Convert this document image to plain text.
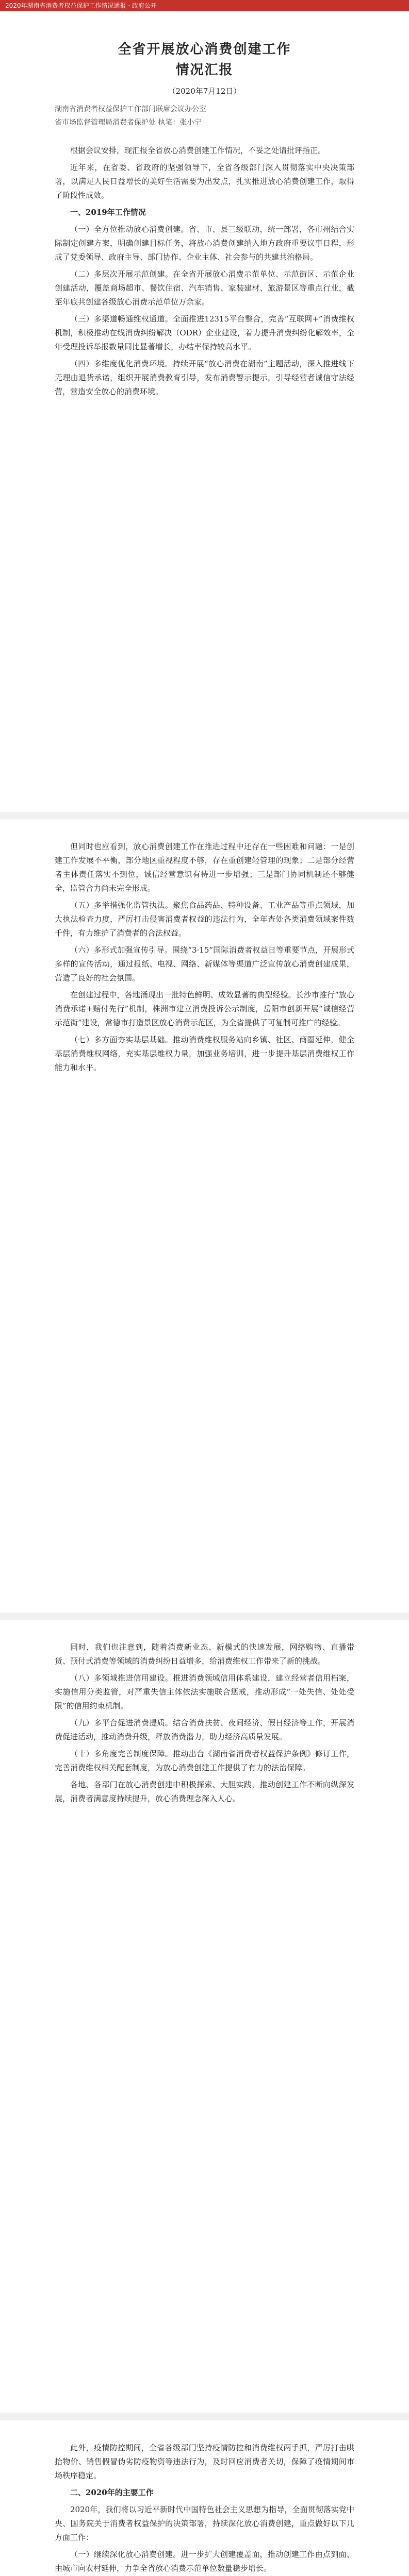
2020年湖南省消费者权益保护工作情况通报 · 政府公开
全省开展放心消费创建工作
情况汇报
（2020年7月12日）
湖南省消费者权益保护工作部门联席会议办公室
省市场监督管理局消费者保护处 执笔：张小宁

根据会议安排，现汇报全省放心消费创建工作情况，不妥之处请批评指正。

近年来，在省委、省政府的坚强领导下，全省各级部门深入贯彻落实中央决策部署，以满足人民日益增长的美好生活需要为出发点，扎实推进放心消费创建工作，取得了阶段性成效。

一、2019年工作情况

（一）全方位推动放心消费创建。省、市、县三级联动，统一部署，各市州结合实际制定创建方案，明确创建目标任务，将放心消费创建纳入地方政府重要议事日程，形成了党委领导、政府主导、部门协作、企业主体、社会参与的共建共治格局。

（二）多层次开展示范创建。在全省开展放心消费示范单位、示范街区、示范企业创建活动，覆盖商场超市、餐饮住宿、汽车销售、家装建材、旅游景区等重点行业，截至年底共创建各级放心消费示范单位万余家。

（三）多渠道畅通维权通道。全面推进12315平台整合，完善“互联网+”消费维权机制，积极推动在线消费纠纷解决（ODR）企业建设，着力提升消费纠纷化解效率，全年受理投诉举报数量同比显著增长，办结率保持较高水平。

（四）多维度优化消费环境。持续开展“放心消费在湖南”主题活动，深入推进线下无理由退货承诺，组织开展消费教育引导，发布消费警示提示，引导经营者诚信守法经营，营造安全放心的消费环境。

但同时也应看到，放心消费创建工作在推进过程中还存在一些困难和问题：一是创建工作发展不平衡，部分地区重视程度不够，存在重创建轻管理的现象；二是部分经营者主体责任落实不到位，诚信经营意识有待进一步增强；三是部门协同机制还不够健全，监管合力尚未完全形成。

（五）多举措强化监管执法。聚焦食品药品、特种设备、工业产品等重点领域，加大执法检查力度，严厉打击侵害消费者权益的违法行为，全年查处各类消费领域案件数千件，有力维护了消费者的合法权益。

（六）多形式加强宣传引导。围绕“3·15”国际消费者权益日等重要节点，开展形式多样的宣传活动，通过报纸、电视、网络、新媒体等渠道广泛宣传放心消费创建成果，营造了良好的社会氛围。

在创建过程中，各地涌现出一批特色鲜明、成效显著的典型经验。长沙市推行“放心消费承诺+赔付先行”机制，株洲市建立消费投诉公示制度，岳阳市创新开展“诚信经营示范街”建设，常德市打造景区放心消费示范区，为全省提供了可复制可推广的经验。

（七）多方面夯实基层基础。推动消费维权服务站向乡镇、社区、商圈延伸，健全基层消费维权网络，充实基层维权力量，加强业务培训，进一步提升基层消费维权工作能力和水平。

同时，我们也注意到，随着消费新业态、新模式的快速发展，网络购物、直播带货、预付式消费等领域的消费纠纷日益增多，给消费维权工作带来了新的挑战。

（八）多领域推进信用建设。推进消费领域信用体系建设，建立经营者信用档案，实施信用分类监管，对严重失信主体依法实施联合惩戒，推动形成“一处失信、处处受限”的信用约束机制。

（九）多平台促进消费提质。结合消费扶贫、夜间经济、假日经济等工作，开展消费促进活动，推动消费升级，释放消费潜力，助力经济高质量发展。

（十）多角度完善制度保障。推动出台《湖南省消费者权益保护条例》修订工作，完善消费维权相关配套制度，为放心消费创建工作提供了有力的法治保障。

各地、各部门在放心消费创建中积极探索、大胆实践，推动创建工作不断向纵深发展，消费者满意度持续提升，放心消费理念深入人心。

此外，疫情防控期间，全省各级部门坚持疫情防控和消费维权两手抓，严厉打击哄抬物价、销售假冒伪劣防疫物资等违法行为，及时回应消费者关切，保障了疫情期间市场秩序稳定。

二、2020年的主要工作

2020年，我们将以习近平新时代中国特色社会主义思想为指导，全面贯彻落实党中央、国务院关于消费者权益保护的决策部署，持续深化放心消费创建，重点做好以下几方面工作：

（一）继续深化放心消费创建。进一步扩大创建覆盖面，推动创建工作由点到面、由城市向农村延伸，力争全省放心消费示范单位数量稳步增长。
